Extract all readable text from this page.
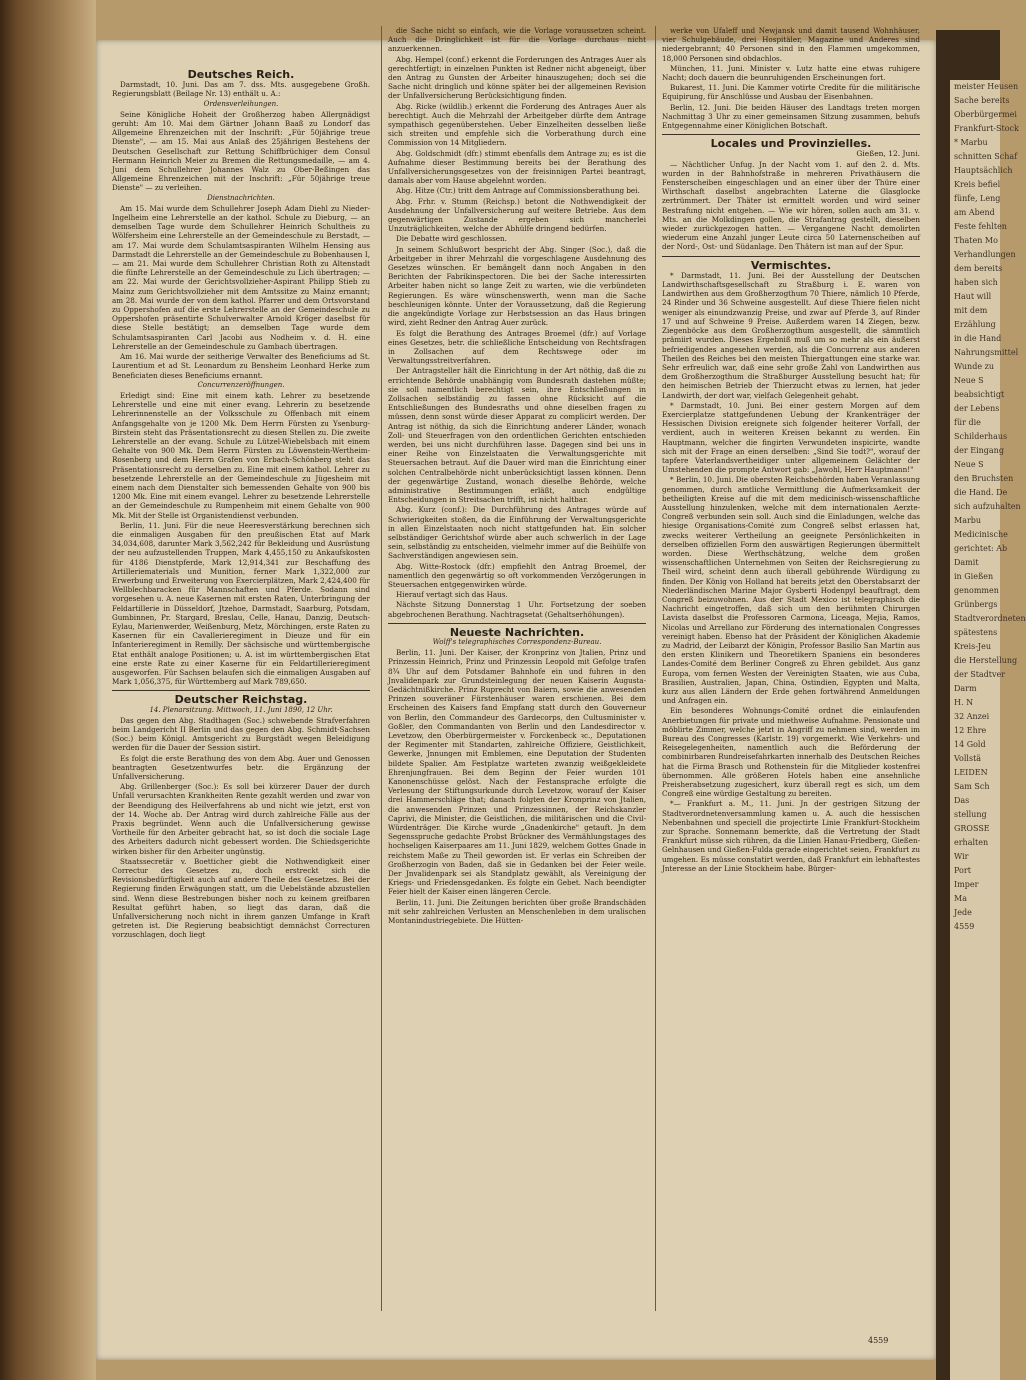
meister Heusen
Sache bereits
Oberbürgermei
Frankfurt-Stock
* Marbu
schnitten Schaf
Hauptsächlich
Kreis befiel
fünfe, Leng
am Abend
Feste fehlten
Thaten Mo
Verhandlungen
dem bereits
haben sich
Haut will
mit dem
Erzählung
in die Hand
Nahrungsmittel
Wunde zu
Neue S
beabsichtigt
der Lebens
für die
Schilderhaus
der Eingang
Neue S
den Bruchsten
die Hand. De
sich aufzuhalten
Marbu
Medicinische
gerichtet: Ab
Damit
in Gießen
genommen
Grünbergs
Stadtverordneten
spätestens
Kreis-Jeu
die Herstellung
der Stadtver
Darm
H. N
32 Anzei
12 Ehre
14 Gold
Vollstä
LEIDEN
Sam Sch
Das
stellung
GROSSE
erhalten
Wir
Port
Imper
Ma
Jede
4559

Deutsches Reich.

Darmstadt, 10. Juni. Das am 7. dss. Mts. ausgegebene Großh. Regierungsblatt (Beilage Nr. 13) enthält u. A.:

Ordensverleihungen.

Seine Königliche Hoheit der Großherzog haben Allergnädigst geruht: Am 10. Mai dem Gärtner Johann Baaß zu Londorf das Allgemeine Ehrenzeichen mit der Inschrift: „Für 50jährige treue Dienste", — am 15. Mai aus Anlaß des 25jährigen Bestehens der Deutschen Gesellschaft zur Rettung Schiffbrüchiger dem Consul Hermann Heinrich Meier zu Bremen die Rettungsmedaille, — am 4. Juni dem Schullehrer Johannes Walz zu Ober-Beßingen das Allgemeine Ehrenzeichen mit der Inschrift: „Für 50jährige treue Dienste" — zu verleihen.

Dienstnachrichten.

Am 15. Mai wurde dem Schullehrer Joseph Adam Diehl zu Nieder-Ingelheim eine Lehrerstelle an der kathol. Schule zu Dieburg, — an demselben Tage wurde dem Schullehrer Heinrich Schultheis zu Wölfersheim eine Lehrerstelle an der Gemeindeschule zu Berstadt, — am 17. Mai wurde dem Schulamtsaspiranten Wilhelm Hensing aus Darmstadt die Lehrerstelle an der Gemeindeschule zu Bobenhausen I, — am 21. Mai wurde dem Schullehrer Christian Roth zu Altenstadt die fünfte Lehrerstelle an der Gemeindeschule zu Lich übertragen; — am 22. Mai wurde der Gerichtsvollzieher-Aspirant Philipp Stieb zu Mainz zum Gerichtsvollzieher mit dem Amtssitze zu Mainz ernannt; am 28. Mai wurde der von dem kathol. Pfarrer und dem Ortsvorstand zu Oppershofen auf die erste Lehrerstelle an der Gemeindeschule zu Oppershofen präsentirte Schulverwalter Arnold Kröger daselbst für diese Stelle bestätigt; an demselben Tage wurde dem Schulamtsaspiranten Carl Jacobi aus Nodheim v. d. H. eine Lehrerstelle an der Gemeindeschule zu Gambach übertragen.

Am 16. Mai wurde der seitherige Verwalter des Beneficiums ad St. Laurentium et ad St. Leonardum zu Bensheim Leonhard Herke zum Beneficiaten dieses Beneficiums ernannt.

Concurrenzeröffnungen.

Erledigt sind: Eine mit einem kath. Lehrer zu besetzende Lehrerstelle und eine mit einer evang. Lehrerin zu besetzende Lehrerinnenstelle an der Volksschule zu Offenbach mit einem Anfangsgehalte von je 1200 Mk. Dem Herrn Fürsten zu Ysenburg-Birstein steht das Präsentationsrecht zu diesen Stellen zu. Die zweite Lehrerstelle an der evang. Schule zu Lützel-Wiebelsbach mit einem Gehalte von 900 Mk. Dem Herrn Fürsten zu Löwenstein-Wertheim-Rosenberg und dem Herrn Grafen von Erbach-Schönberg steht das Präsentationsrecht zu derselben zu. Eine mit einem kathol. Lehrer zu besetzende Lehrerstelle an der Gemeindeschule zu Jügesheim mit einem nach dem Dienstalter sich bemessenden Gehalte von 900 bis 1200 Mk. Eine mit einem evangel. Lehrer zu besetzende Lehrerstelle an der Gemeindeschule zu Rumpenheim mit einem Gehalte von 900 Mk. Mit der Stelle ist Organistendienst verbunden.

Berlin, 11. Juni. Für die neue Heeresverstärkung berechnen sich die einmaligen Ausgaben für den preußischen Etat auf Mark 34,034,608, darunter Mark 3,562,242 für Bekleidung und Ausrüstung der neu aufzustellenden Truppen, Mark 4,455,150 zu Ankaufskosten für 4186 Dienstpferde, Mark 12,914,341 zur Beschaffung des Artilleriematerials und Munition, ferner Mark 1,322,000 zur Erwerbung und Erweiterung von Exercierplätzen, Mark 2,424,400 für Wellblechbaracken für Mannschaften und Pferde. Sodann sind vorgesehen u. A. neue Kasernen mit ersten Raten, Unterbringung der Feldartillerie in Düsseldorf, Jtzehoe, Darmstadt, Saarburg, Potsdam, Gumbinnen, Pr. Stargard, Breslau, Celle, Hanau, Danzig, Deutsch-Eylau, Marienwerder, Weißenburg, Metz, Mörchingen, erste Raten zu Kasernen für ein Cavallerieregiment in Dieuze und für ein Infanterieregiment in Remilly. Der sächsische und württembergische Etat enthält analoge Positionen; u. A. ist im württembergischen Etat eine erste Rate zu einer Kaserne für ein Feldartillerieregiment ausgeworfen. Für Sachsen belaufen sich die einmaligen Ausgaben auf Mark 1,056,375, für Württemberg auf Mark 789,650.

Deutscher Reichstag.

14. Plenarsitzung. Mittwoch, 11. Juni 1890, 12 Uhr.

Das gegen den Abg. Stadthagen (Soc.) schwebende Strafverfahren beim Landgericht II Berlin und das gegen den Abg. Schmidt-Sachsen (Soc.) beim Königl. Amtsgericht zu Burgstädt wegen Beleidigung werden für die Dauer der Session sistirt.

Es folgt die erste Berathung des von dem Abg. Auer und Genossen beantragten Gesetzentwurfes betr. die Ergänzung der Unfallversicherung.

Abg. Grillenberger (Soc.): Es soll bei kürzerer Dauer der durch Unfall verursachten Krankheiten Rente gezahlt werden und zwar von der Beendigung des Heilverfahrens ab und nicht wie jetzt, erst von der 14. Woche ab. Der Antrag wird durch zahlreiche Fälle aus der Praxis begründet. Wenn auch die Unfallversicherung gewisse Vortheile für den Arbeiter gebracht hat, so ist doch die sociale Lage des Arbeiters dadurch nicht gebessert worden. Die Schiedsgerichte wirken bisher für den Arbeiter ungünstig.

Staatssecretär v. Boetticher giebt die Nothwendigkeit einer Correctur des Gesetzes zu, doch erstreckt sich die Revisionsbedürftigkeit auch auf andere Theile des Gesetzes. Bei der Regierung finden Erwägungen statt, um die Uebelstände abzustellen sind. Wenn diese Bestrebungen bisher noch zu keinem greifbaren Resultat geführt haben, so liegt das daran, daß die Unfallversicherung noch nicht in ihrem ganzen Umfange in Kraft getreten ist. Die Regierung beabsichtigt demnächst Correcturen vorzuschlagen, doch liegt

die Sache nicht so einfach, wie die Vorlage voraussetzen scheint. Auch die Dringlichkeit ist für die Vorlage durchaus nicht anzuerkennen.

Abg. Hempel (conf.) erkennt die Forderungen des Antrages Auer als gerechtfertigt; in einzelnen Punkten ist Redner nicht abgeneigt, über den Antrag zu Gunsten der Arbeiter hinauszugehen; doch sei die Sache nicht dringlich und könne später bei der allgemeinen Revision der Unfallversicherung Berücksichtigung finden.

Abg. Ricke (wildlib.) erkennt die Forderung des Antrages Auer als berechtigt. Auch die Mehrzahl der Arbeitgeber dürfte dem Antrage sympathisch gegenüberstehen. Ueber Einzelheiten desselben ließe sich streiten und empfehle sich die Vorberathung durch eine Commission von 14 Mitgliedern.

Abg. Goldschmidt (dfr.) stimmt ebenfalls dem Antrage zu; es ist die Aufnahme dieser Bestimmung bereits bei der Berathung des Unfallversicherungsgesetzes von der freisinnigen Partei beantragt, damals aber vom Hause abgelehnt worden.

Abg. Hitze (Ctr.) tritt dem Antrage auf Commissionsberathung bei.

Abg. Frhr. v. Stumm (Reichsp.) betont die Nothwendigkeit der Ausdehnung der Unfallversicherung auf weitere Betriebe. Aus dem gegenwärtigen Zustande ergeben sich mancherlei Unzuträglichkeiten, welche der Abhülfe dringend bedürfen.

Die Debatte wird geschlossen.

Jn seinem Schlußwort bespricht der Abg. Singer (Soc.), daß die Arbeitgeber in ihrer Mehrzahl die vorgeschlagene Ausdehnung des Gesetzes wünschen. Er bemängelt dann noch Angaben in den Berichten der Fabrikinspectoren. Die bei der Sache interessirten Arbeiter haben nicht so lange Zeit zu warten, wie die verbündeten Regierungen. Es wäre wünschenswerth, wenn man die Sache beschleunigen könnte. Unter der Voraussetzung, daß die Regierung die angekündigte Vorlage zur Herbstsession an das Haus bringen wird, zieht Redner den Antrag Auer zurück.

Es folgt die Berathung des Antrages Broemel (dfr.) auf Vorlage eines Gesetzes, betr. die schließliche Entscheidung von Rechtsfragen in Zollsachen auf dem Rechtswege oder im Verwaltungsstreitverfahren.

Der Antragsteller hält die Einrichtung in der Art nöthig, daß die zu errichtende Behörde unabhängig vom Bundesrath dastehen müßte; sie soll namentlich berechtigt sein, ihre Entschließungen in Zollsachen selbständig zu fassen ohne Rücksicht auf die Entschließungen des Bundesraths und ohne dieselben fragen zu müssen, denn sonst würde dieser Apparat zu complicirt werden. Der Antrag ist nöthig, da sich die Einrichtung anderer Länder, wonach Zoll- und Steuerfragen von den ordentlichen Gerichten entschieden werden, bei uns nicht durchführen lasse. Dagegen sind bei uns in einer Reihe von Einzelstaaten die Verwaltungsgerichte mit Steuersachen betraut. Auf die Dauer wird man die Einrichtung einer solchen Centralbehörde nicht unberücksichtigt lassen können. Denn der gegenwärtige Zustand, wonach dieselbe Behörde, welche administrative Bestimmungen erläßt, auch endgültige Entscheidungen in Streitsachen trifft, ist nicht haltbar.

Abg. Kurz (conf.): Die Durchführung des Antrages würde auf Schwierigkeiten stoßen, da die Einführung der Verwaltungsgerichte in allen Einzelstaaten noch nicht stattgefunden hat. Ein solcher selbständiger Gerichtshof würde aber auch schwerlich in der Lage sein, selbständig zu entscheiden, vielmehr immer auf die Beihülfe von Sachverständigen angewiesen sein.

Abg. Witte-Rostock (dfr.) empfiehlt den Antrag Broemel, der namentlich den gegenwärtig so oft vorkommenden Verzögerungen in Steuersachen entgegenwirken würde.

Hierauf vertagt sich das Haus.

Nächste Sitzung Donnerstag 1 Uhr. Fortsetzung der soeben abgebrochenen Berathung. Nachtragsetat (Gehaltserhöhungen).

Neueste Nachrichten.

Wolff's telegraphisches Correspondenz-Bureau.

Berlin, 11. Juni. Der Kaiser, der Kronprinz von Jtalien, Prinz und Prinzessin Heinrich, Prinz und Prinzessin Leopold mit Gefolge trafen 8¾ Uhr auf dem Potsdamer Bahnhofe ein und fuhren in den Jnvalidenpark zur Grundsteinlegung der neuen Kaiserin Augusta-Gedächtnißkirche. Prinz Ruprecht von Baiern, sowie die anwesenden Prinzen souveräner Fürstenhäuser waren erschienen. Bei dem Erscheinen des Kaisers fand Empfang statt durch den Gouverneur von Berlin, den Commandeur des Gardecorps, den Cultusminister v. Goßler, den Commandanten von Berlin und den Landesdirector v. Levetzow, den Oberbürgermeister v. Forckenbeck ꝛc., Deputationen der Regimenter mit Standarten, zahlreiche Offiziere, Geistlichkeit, Gewerke, Jnnungen mit Emblemen, eine Deputation der Studenten bildete Spalier. Am Festplatze warteten zwanzig weißgekleidete Ehrenjungfrauen. Bei dem Beginn der Feier wurden 101 Kanonenschüsse gelöst. Nach der Festansprache erfolgte die Verlesung der Stiftungsurkunde durch Levetzow, worauf der Kaiser drei Hammerschläge that; danach folgten der Kronprinz von Jtalien, die anwesenden Prinzen und Prinzessinnen, der Reichskanzler Caprivi, die Minister, die Geistlichen, die militärischen und die Civil-Würdenträger. Die Kirche wurde „Gnadenkirche" getauft. Jn dem Segensspruche gedachte Probst Brückner des Vermählungstages des hochseligen Kaiserpaares am 11. Juni 1829, welchem Gottes Gnade in reichstem Maße zu Theil geworden ist. Er verlas ein Schreiben der Großherzogin von Baden, daß sie in Gedanken bei der Feier weile. Der Jnvalidenpark sei als Standplatz gewählt, als Vereinigung der Kriegs- und Friedensgedanken. Es folgte ein Gebet. Nach beendigter Feier hielt der Kaiser einen längeren Cercle.

Berlin, 11. Juni. Die Zeitungen berichten über große Brandschäden mit sehr zahlreichen Verlusten an Menschenleben in dem uralischen Montanindustriegebiete. Die Hütten-

werke von Ufaleff und Newjansk und damit tausend Wohnhäuser, vier Schulgebäude, drei Hospitäler, Magazine und Anderes sind niedergebrannt; 40 Personen sind in den Flammen umgekommen, 18,000 Personen sind obdachlos.

München, 11. Juni. Minister v. Lutz hatte eine etwas ruhigere Nacht; doch dauern die beunruhigenden Erscheinungen fort.

Bukarest, 11. Juni. Die Kammer votirte Credite für die militärische Equipirung, für Anschlüsse und Ausbau der Eisenbahnen.

Berlin, 12. Juni. Die beiden Häuser des Landtags treten morgen Nachmittag 3 Uhr zu einer gemeinsamen Sitzung zusammen, behufs Entgegennahme einer Königlichen Botschaft.

Locales und Provinzielles.

Gießen, 12. Juni.

— Nächtlicher Unfug. Jn der Nacht vom 1. auf den 2. d. Mts. wurden in der Bahnhofstraße in mehreren Privathäusern die Fensterscheiben eingeschlagen und an einer über der Thüre einer Wirthschaft daselbst angebrachten Laterne die Glasglocke zertrümmert. Der Thäter ist ermittelt worden und wird seiner Bestrafung nicht entgehen. — Wie wir hören, sollen auch am 31. v. Mts. an die Molkdingen gollen, die Strafantrag gestellt, dieselben wieder zurückgezogen hatten. — Vergangene Nacht demolirten wiederum eine Anzahl junger Leute circa 50 Laternenscheiben auf der Nord-, Ost- und Südanlage. Den Thätern ist man auf der Spur.

Vermischtes.

* Darmstadt, 11. Juni. Bei der Ausstellung der Deutschen Landwirthschaftsgesellschaft zu Straßburg i. E. waren von Landwirthen aus dem Großherzogthum 70 Thiere, nämlich 10 Pferde, 24 Rinder und 36 Schweine ausgestellt. Auf diese Thiere fielen nicht weniger als einundzwanzig Preise, und zwar auf Pferde 3, auf Rinder 17 und auf Schweine 9 Preise. Außerdem waren 14 Ziegen, bezw. Ziegenböcke aus dem Großherzogthum ausgestellt, die sämmtlich prämiirt wurden. Dieses Ergebniß muß um so mehr als ein äußerst befriedigendes angesehen werden, als die Concurrenz aus anderen Theilen des Reiches bei den meisten Thiergattungen eine starke war. Sehr erfreulich war, daß eine sehr große Zahl von Landwirthen aus dem Großherzogthum die Straßburger Ausstellung besucht hat; für den heimischen Betrieb der Thierzucht etwas zu lernen, hat jeder Landwirth, der dort war, vielfach Gelegenheit gehabt.

* Darmstadt, 10. Juni. Bei einer gestern Morgen auf dem Exercierplatze stattgefundenen Uebung der Krankenträger der Hessischen Division ereignete sich folgender heiterer Vorfall, der verdient, auch in weiteren Kreisen bekannt zu werden. Ein Hauptmann, welcher die fingirten Verwundeten inspicirte, wandte sich mit der Frage an einen derselben: „Sind Sie todt?", worauf der tapfere Vaterlandsvertheidiger unter allgemeinem Gelächter der Umstehenden die prompte Antwort gab: „Jawohl, Herr Hauptmann!"

* Berlin, 10. Juni. Die obersten Reichsbehörden haben Veranlassung genommen, durch amtliche Vermittlung die Aufmerksamkeit der betheiligten Kreise auf die mit dem medicinisch-wissenschaftliche Ausstellung hinzulenken, welche mit dem internationalen Aerzte-Congreß verbunden sein soll. Auch sind die Einladungen, welche das hiesige Organisations-Comité zum Congreß selbst erlassen hat, zwecks weiterer Vertheilung an geeignete Persönlichkeiten in derselben offiziellen Form den auswärtigen Regierungen übermittelt worden. Diese Werthschätzung, welche dem großen wissenschaftlichen Unternehmen von Seiten der Reichsregierung zu Theil wird, scheint denn auch überall gebührende Würdigung zu finden. Der König von Holland hat bereits jetzt den Oberstabsarzt der Niederländischen Marine Major Gysberti Hodenpyl beauftragt, dem Congreß beizuwohnen. Aus der Stadt Mexico ist telegraphisch die Nachricht eingetroffen, daß sich um den berühmten Chirurgen Lavista daselbst die Professoren Carmona, Liceaga, Mejia, Ramos, Nicolas und Arrellano zur Förderung des internationalen Congresses vereinigt haben. Ebenso hat der Präsident der Königlichen Akademie zu Madrid, der Leibarzt der Königin, Professor Basilio San Martin aus den ersten Klinikern und Theoretikern Spaniens ein besonderes Landes-Comité dem Berliner Congreß zu Ehren gebildet. Aus ganz Europa, vom fernen Westen der Vereinigten Staaten, wie aus Cuba, Brasilien, Australien, Japan, China, Ostindien, Egypten und Malta, kurz aus allen Ländern der Erde gehen fortwährend Anmeldungen und Anfragen ein.

Ein besonderes Wohnungs-Comité ordnet die einlaufenden Anerbietungen für private und miethweise Aufnahme. Pensionate und möblirte Zimmer, welche jetzt in Angriff zu nehmen sind, werden im Bureau des Congresses (Karlstr. 19) vorgemerkt. Wie Verkehrs- und Reisegelegenheiten, namentlich auch die Beförderung der combinirbaren Rundreisefahrkarten innerhalb des Deutschen Reiches hat die Firma Brasch und Rothenstein für die Mitglieder kostenfrei übernommen. Alle größeren Hotels haben eine ansehnliche Preisherabsetzung zugesichert, kurz überall regt es sich, um dem Congreß eine würdige Gestaltung zu bereiten.

*— Frankfurt a. M., 11. Juni. Jn der gestrigen Sitzung der Stadtverordnetenversammlung kamen u. A. auch die hessischen Nebenbahnen und speciell die projectirte Linie Frankfurt-Stockheim zur Sprache. Sonnemann bemerkte, daß die Vertretung der Stadt Frankfurt müsse sich rühren, da die Linien Hanau-Friedberg, Gießen-Gelnhausen und Gießen-Fulda gerade eingerichtet seien, Frankfurt zu umgehen. Es müsse constatirt werden, daß Frankfurt ein lebhaftestes Jnteresse an der Linie Stockheim habe. Bürger-

4559
